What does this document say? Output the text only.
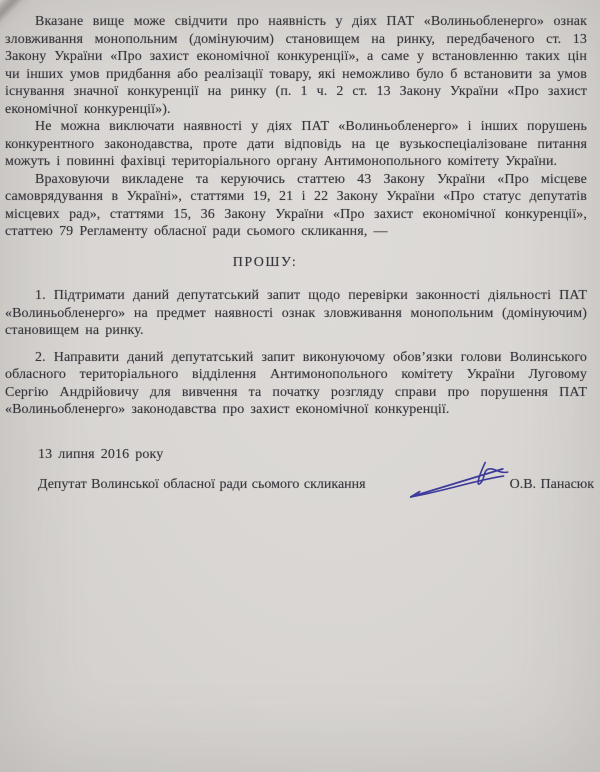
Вказане вище може свідчити про наявність у діях ПАТ «Волиньобленерго» ознак зловживання монопольним (домінуючим) становищем на ринку, передбаченого ст. 13 Закону України «Про захист економічної конкуренції», а саме у встановленню таких цін чи інших умов придбання або реалізації товару, які неможливо було б встановити за умов існування значної конкуренції на ринку (п. 1 ч. 2 ст. 13 Закону України «Про захист економічної конкуренції»).

Не можна виключати наявності у діях ПАТ «Волиньобленерго» і інших порушень конкурентного законодавства, проте дати відповідь на це вузькоспеціалізоване питання можуть і повинні фахівці територіального органу Антимонопольного комітету України.

Враховуючи викладене та керуючись статтею 43 Закону України «Про місцеве самоврядування в Україні», статтями 19, 21 і 22 Закону України «Про статус депутатів місцевих рад», статтями 15, 36 Закону України «Про захист економічної конкуренції», статтею 79 Регламенту обласної ради сьомого скликання, —

ПРОШУ:

1. Підтримати даний депутатський запит щодо перевірки законності діяльності ПАТ «Волиньобленерго» на предмет наявності ознак зловживання монопольним (домінуючим) становищем на ринку.

2. Направити даний депутатський запит виконуючому обов’язки голови Волинського обласного територіального відділення Антимонопольного комітету України Луговому Сергію Андрійовичу для вивчення та початку розгляду справи про порушення ПАТ «Волиньобленерго» законодавства про захист економічної конкуренції.

13 липня 2016 року

Депутат Волинської обласної ради сьомого скликання	О.В. Панасюк
